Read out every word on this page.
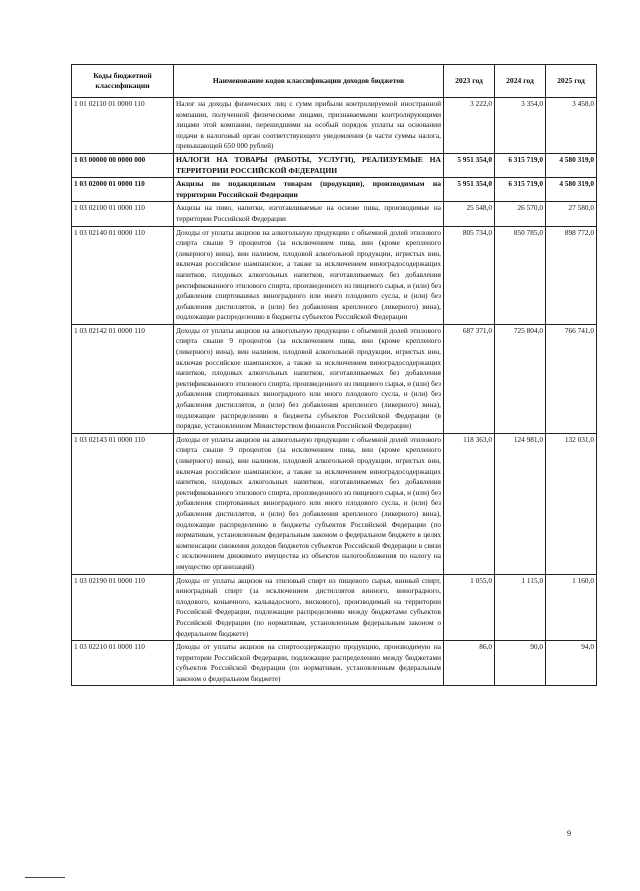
Коды бюджетной классификации	Наименование кодов классификации доходов бюджетов	2023 год	2024 год	2025 год
1 01 02110 01 0000 110	Налог на доходы физических лиц с сумм прибыли контролируемой иностранной компании, полученной физическими лицами, признаваемыми контролирующими лицами этой компании, перешедшими на особый порядок уплаты на основании подачи в налоговый орган соответствующего уведомления (в части суммы налога, превышающей 650 000 рублей)	3 222,0	3 354,0	3 458,0
1 03 00000 00 0000 000	НАЛОГИ НА ТОВАРЫ (РАБОТЫ, УСЛУГИ), РЕАЛИЗУЕМЫЕ НА ТЕРРИТОРИИ РОССИЙСКОЙ ФЕДЕРАЦИИ	5 951 354,0	6 315 719,0	4 580 319,0
1 03 02000 01 0000 110	Акцизы по подакцизным товарам (продукции), производимым на территории Российской Федерации	5 951 354,0	6 315 719,0	4 580 319,0
1 03 02100 01 0000 110	Акцизы на пиво, напитки, изготавливаемые на основе пива, производимые на территории Российской Федерации	25 548,0	26 570,0	27 580,0
1 03 02140 01 0000 110	Доходы от уплаты акцизов на алкогольную продукцию с объемной долей этилового спирта свыше 9 процентов (за исключением пива, вин (кроме крепленого (ликерного) вина), вин наливом, плодовой алкогольной продукции, игристых вин, включая российское шампанское, а также за исключением виноградосодержащих напитков, плодовых алкогольных напитков, изготавливаемых без добавления ректификованного этилового спирта, произведенного из пищевого сырья, и (или) без добавления спиртованных виноградного или иного плодового сусла, и (или) без добавления дистиллятов, и (или) без добавления крепленого (ликерного) вина), подлежащие распределению в бюджеты субъектов Российской Федерации	805 734,0	850 785,0	898 772,0
1 03 02142 01 0000 110	Доходы от уплаты акцизов на алкогольную продукцию с объемной долей этилового спирта свыше 9 процентов (за исключением пива, вин (кроме крепленого (ликерного) вина), вин наливом, плодовой алкогольной продукции, игристых вин, включая российское шампанское, а также за исключением виноградосодержащих напитков, плодовых алкогольных напитков, изготавливаемых без добавления ректификованного этилового спирта, произведенного из пищевого сырья, и (или) без добавления спиртованных виноградного или иного плодового сусла, и (или) без добавления дистиллятов, и (или) без добавления крепленого (ликерного) вина), подлежащие распределению в бюджеты субъектов Российской Федерации (в порядке, установленном Министерством финансов Российской Федерации)	687 371,0	725 804,0	766 741,0
1 03 02143 01 0000 110	Доходы от уплаты акцизов на алкогольную продукцию с объемной долей этилового спирта свыше 9 процентов (за исключением пива, вин (кроме крепленого (ликерного) вина), вин наливом, плодовой алкогольной продукции, игристых вин, включая российское шампанское, а также за исключением виноградосодержащих напитков, плодовых алкогольных напитков, изготавливаемых без добавления ректификованного этилового спирта, произведенного из пищевого сырья, и (или) без добавления спиртованных виноградного или иного плодового сусла, и (или) без добавления дистиллятов, и (или) без добавления крепленого (ликерного) вина), подлежащие распределению в бюджеты субъектов Российской Федерации (по нормативам, установленным федеральным законом о федеральном бюджете в целях компенсации снижения доходов бюджетов субъектов Российской Федерации в связи с исключением движимого имущества из объектов налогообложения по налогу на имущество организаций)	118 363,0	124 981,0	132 031,0
1 03 02190 01 0000 110	Доходы от уплаты акцизов на этиловый спирт из пищевого сырья, винный спирт, виноградный спирт (за исключением дистиллятов винного, виноградного, плодового, коньячного, кальвадосного, вискового), производимый на территории Российской Федерации, подлежащие распределению между бюджетами субъектов Российской Федерации (по нормативам, установленным федеральным законом о федеральном бюджете)	1 055,0	1 115,0	1 160,0
1 03 02210 01 0000 110	Доходы от уплаты акцизов на спиртосодержащую продукцию, производимую на территории Российской Федерации, подлежащие распределению между бюджетами субъектов Российской Федерации (по нормативам, установленным федеральным законом о федеральном бюджете)	86,0	90,0	94,0
9
